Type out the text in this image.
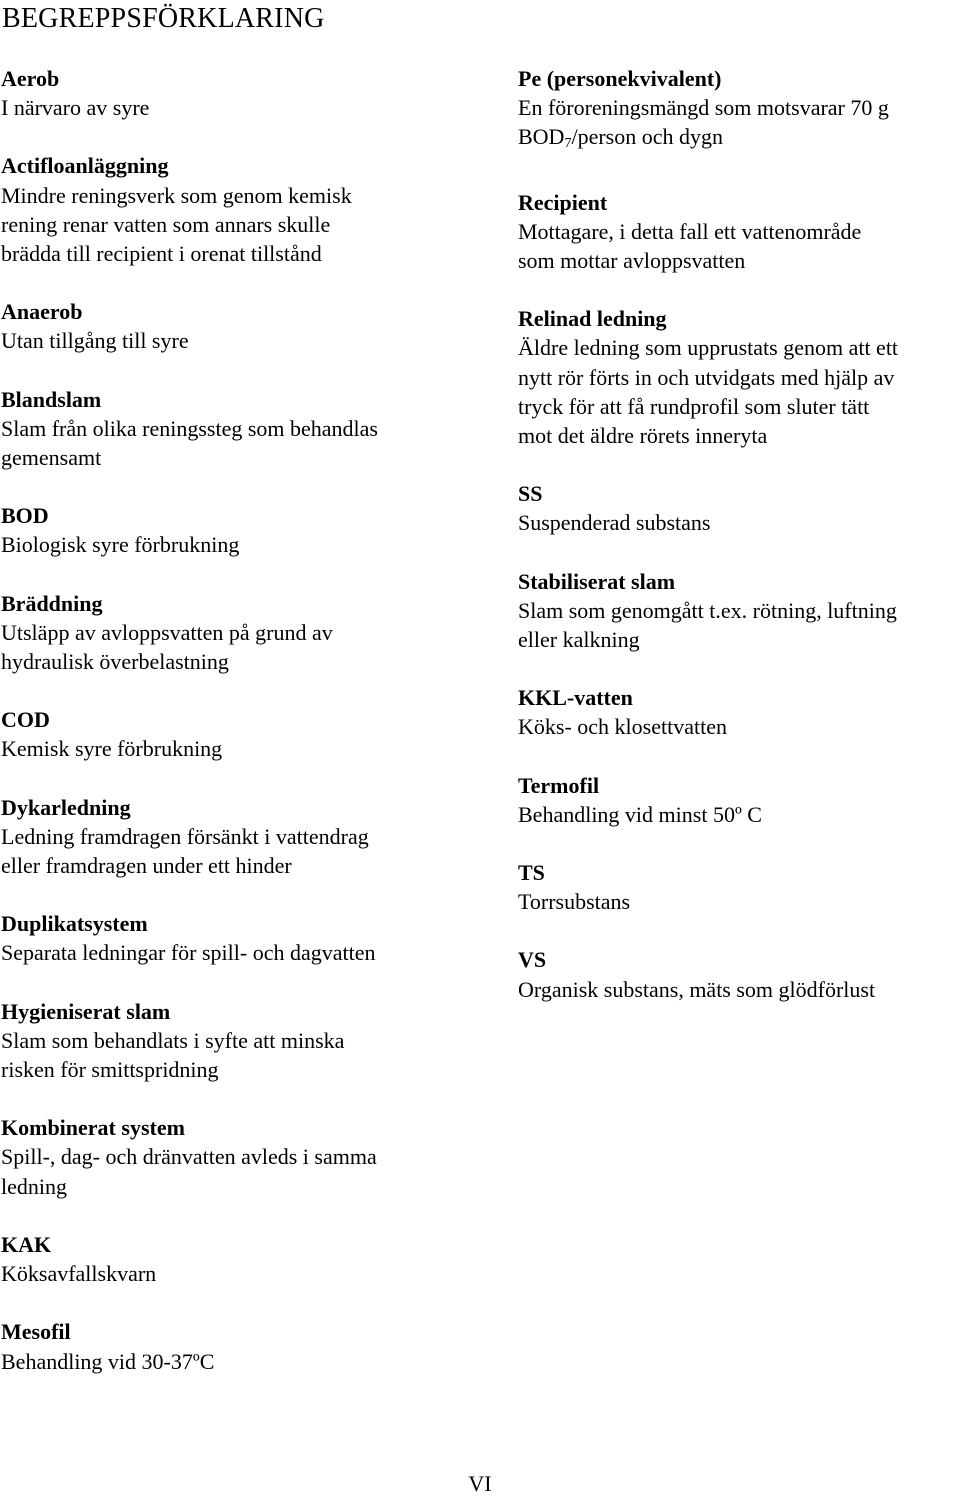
BEGREPPSFÖRKLARING
Aerob
I närvaro av syre
Actifloanläggning
Mindre reningsverk som genom kemisk
rening renar vatten som annars skulle
brädda till recipient i orenat tillstånd
Anaerob
Utan tillgång till syre
Blandslam
Slam från olika reningssteg som behandlas
gemensamt
BOD
Biologisk syre förbrukning
Bräddning
Utsläpp av avloppsvatten på grund av
hydraulisk överbelastning
COD
Kemisk syre förbrukning
Dykarledning
Ledning framdragen försänkt i vattendrag
eller framdragen under ett hinder
Duplikatsystem
Separata ledningar för spill- och dagvatten
Hygieniserat slam
Slam som behandlats i syfte att minska
risken för smittspridning
Kombinerat system
Spill-, dag- och dränvatten avleds i samma
ledning
KAK
Köksavfallskvarn
Mesofil
Behandling vid 30-37ºC
Pe (personekvivalent)
En föroreningsmängd som motsvarar 70 g
$BOD_7$/person och dygn
Recipient
Mottagare, i detta fall ett vattenområde
som mottar avloppsvatten
Relinad ledning
Äldre ledning som upprustats genom att ett
nytt rör förts in och utvidgats med hjälp av
tryck för att få rundprofil som sluter tätt
mot det äldre rörets inneryta
SS
Suspenderad substans
Stabiliserat slam
Slam som genomgått t.ex. rötning, luftning
eller kalkning
KKL-vatten
Köks- och klosettvatten
Termofil
Behandling vid minst 50º C
TS
Torrsubstans
VS
Organisk substans, mäts som glödförlust
VI
